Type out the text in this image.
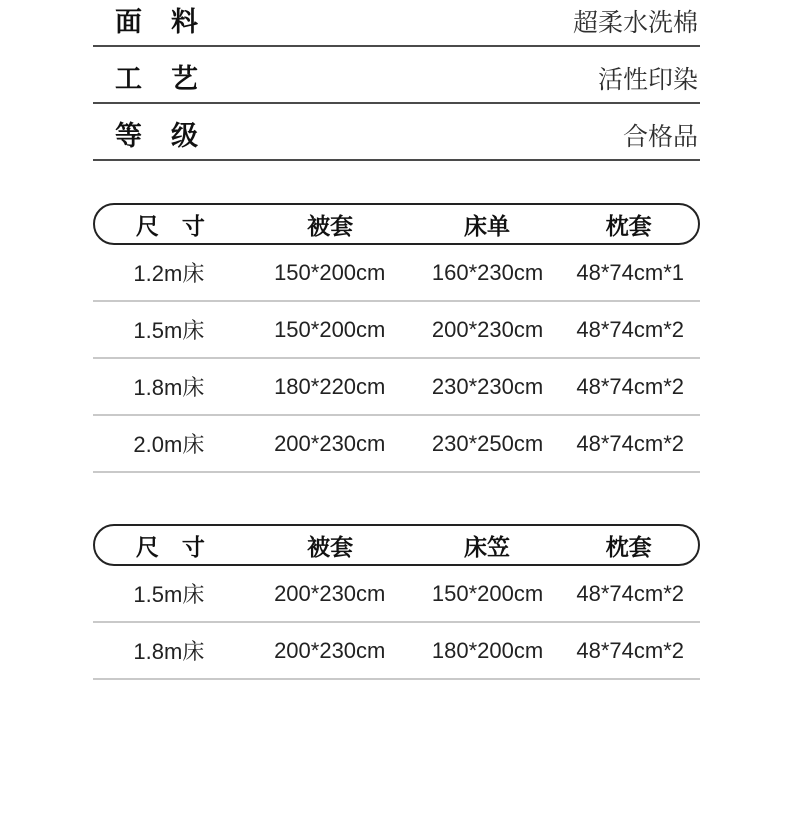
面　料	超柔水洗棉
工　艺	活性印染
等　级	合格品
尺　寸	被套	床单	枕套
1.2m床	150*200cm	160*230cm	48*74cm*1
1.5m床	150*200cm	200*230cm	48*74cm*2
1.8m床	180*220cm	230*230cm	48*74cm*2
2.0m床	200*230cm	230*250cm	48*74cm*2
尺　寸	被套	床笠	枕套
1.5m床	200*230cm	150*200cm	48*74cm*2
1.8m床	200*230cm	180*200cm	48*74cm*2
